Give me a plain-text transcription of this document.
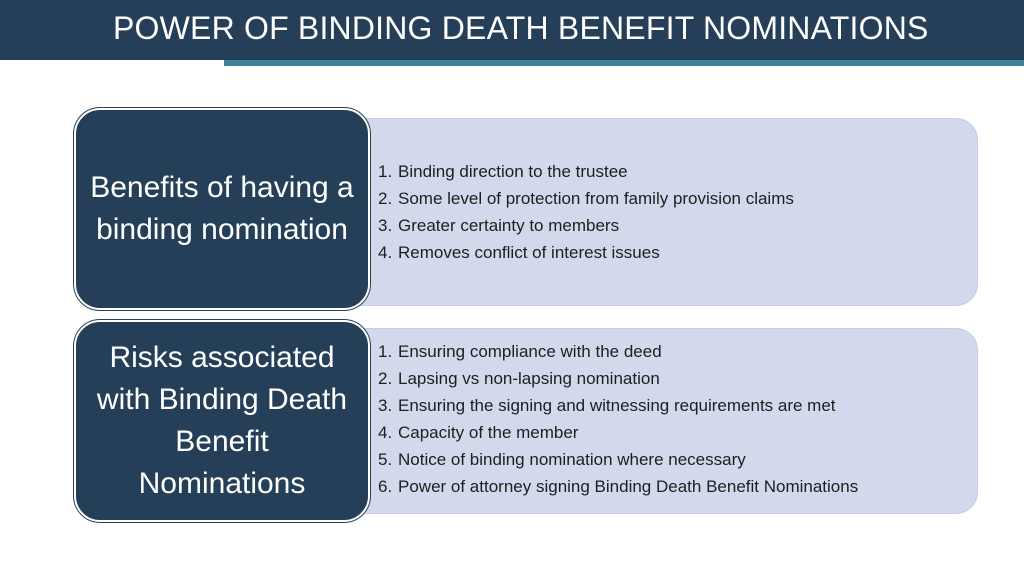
POWER OF BINDING DEATH BENEFIT NOMINATIONS
Benefits of having a binding nomination
1. Binding direction to the trustee
2. Some level of protection from family provision claims
3. Greater certainty to members
4. Removes conflict of interest issues
Risks associated with Binding Death Benefit Nominations
1. Ensuring compliance with the deed
2. Lapsing vs non-lapsing nomination
3. Ensuring the signing and witnessing requirements are met
4. Capacity of the member
5. Notice of binding nomination where necessary
6. Power of attorney signing Binding Death Benefit Nominations
